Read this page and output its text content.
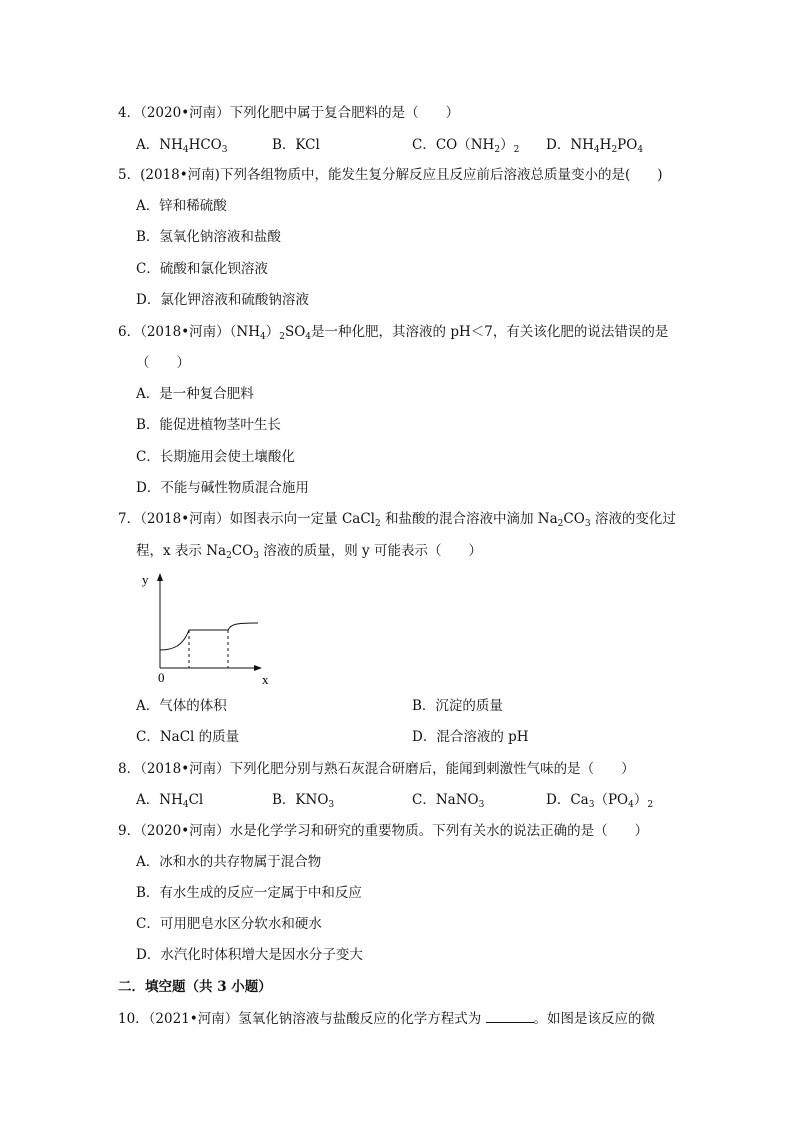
4．（2020•河南）下列化肥中属于复合肥料的是（　　）
A．$NH_4HCO_3$	B．KCl	C．$CO(NH_2)_2$ D．$NH_4H_2PO_4$
5．(2018•河南)下列各组物质中，能发生复分解反应且反应前后溶液总质量变小的是(　　)
A．锌和稀硫酸
B．氢氧化钠溶液和盐酸
C．硫酸和氯化钡溶液
D．氯化钾溶液和硫酸钠溶液
6．（2018•河南）$(NH_4)_2SO_4$是一种化肥，其溶液的 pH＜7，有关该化肥的说法错误的是
（　　）
A．是一种复合肥料
B．能促进植物茎叶生长
C．长期施用会使土壤酸化
D．不能与碱性物质混合施用
7．（2018•河南）如图表示向一定量 CaCl$_2$ 和盐酸的混合溶液中滴加 $Na_2CO_3$ 溶液的变化过
程，x 表示 $Na_2CO_3$ 溶液的质量，则 y 可能表示（　　）
y
0	x
A．气体的体积	B．沉淀的质量
C．NaCl 的质量	D．混合溶液的 pH
8．（2018•河南）下列化肥分别与熟石灰混合研磨后，能闻到刺激性气味的是（　　）
A．$NH_4Cl$	B．$KNO_3$	C．NaNO$_3$	D．$Ca_3(PO_4)_2$
9．（2020•河南）水是化学学习和研究的重要物质。下列有关水的说法正确的是（　　）
A．冰和水的共存物属于混合物
B．有水生成的反应一定属于中和反应
C．可用肥皂水区分软水和硬水
D．水汽化时体积增大是因水分子变大
二．填空题（共 3 小题）
10．（2021•河南）氢氧化钠溶液与盐酸反应的化学方程式为	。如图是该反应的微
